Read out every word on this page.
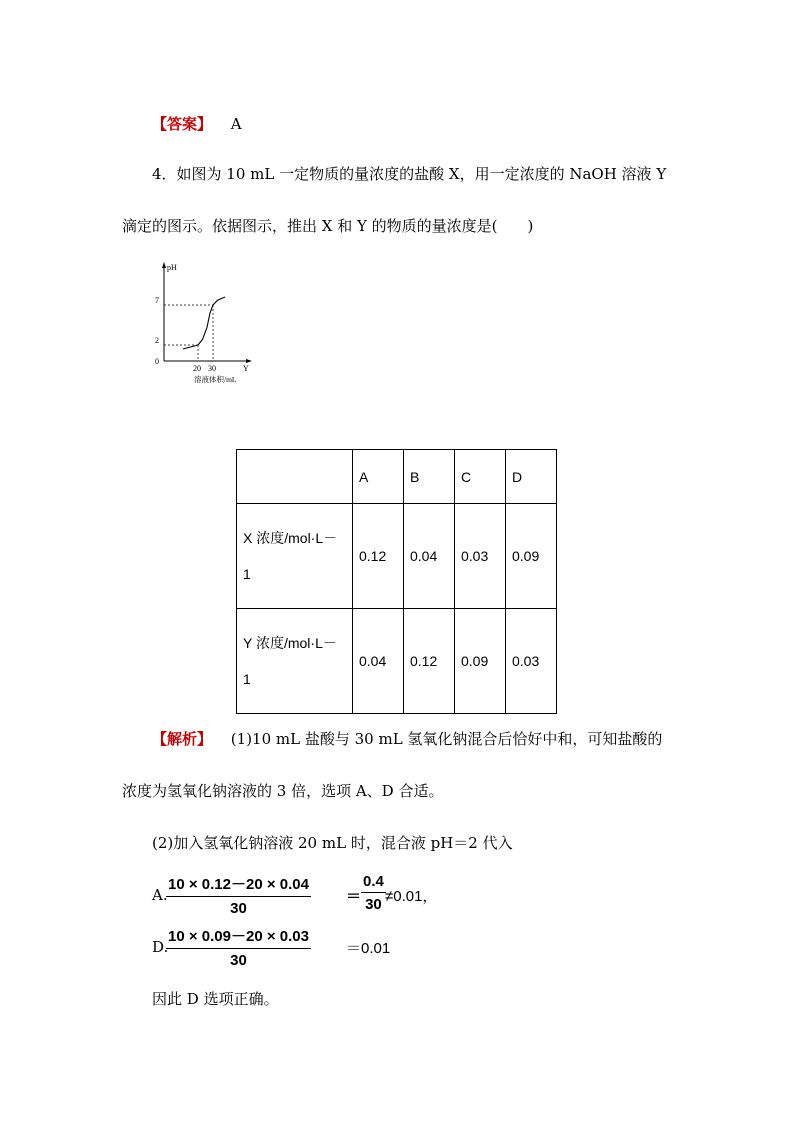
【答案】 A
4．如图为 10 mL 一定物质的量浓度的盐酸 X，用一定浓度的 NaOH 溶液 Y
滴定的图示。依据图示，推出 X 和 Y 的物质的量浓度是(　　)
pH
Y
溶液体积/mL
7
2
0
20 30
	A	B	C	D

X 浓度/mol·L－
1	0.12	0.04	0.03	0.09

Y 浓度/mol·L－
1	0.04	0.12	0.09	0.03
【解析】 (1)10 mL 盐酸与 30 mL 氢氧化钠混合后恰好中和，可知盐酸的
浓度为氢氧化钠溶液的 3 倍，选项 A、D 合适。
(2)加入氢氧化钠溶液 20 mL 时，混合液 pH＝2 代入
A.
$\frac{10 \times 0.12-20 \times 0.04}{30} = \frac{0.4}{30} \ne 0.01$，
D.
$\frac{10 \times 0.09-20 \times 0.03}{30} =0.01$
因此 D 选项正确。
